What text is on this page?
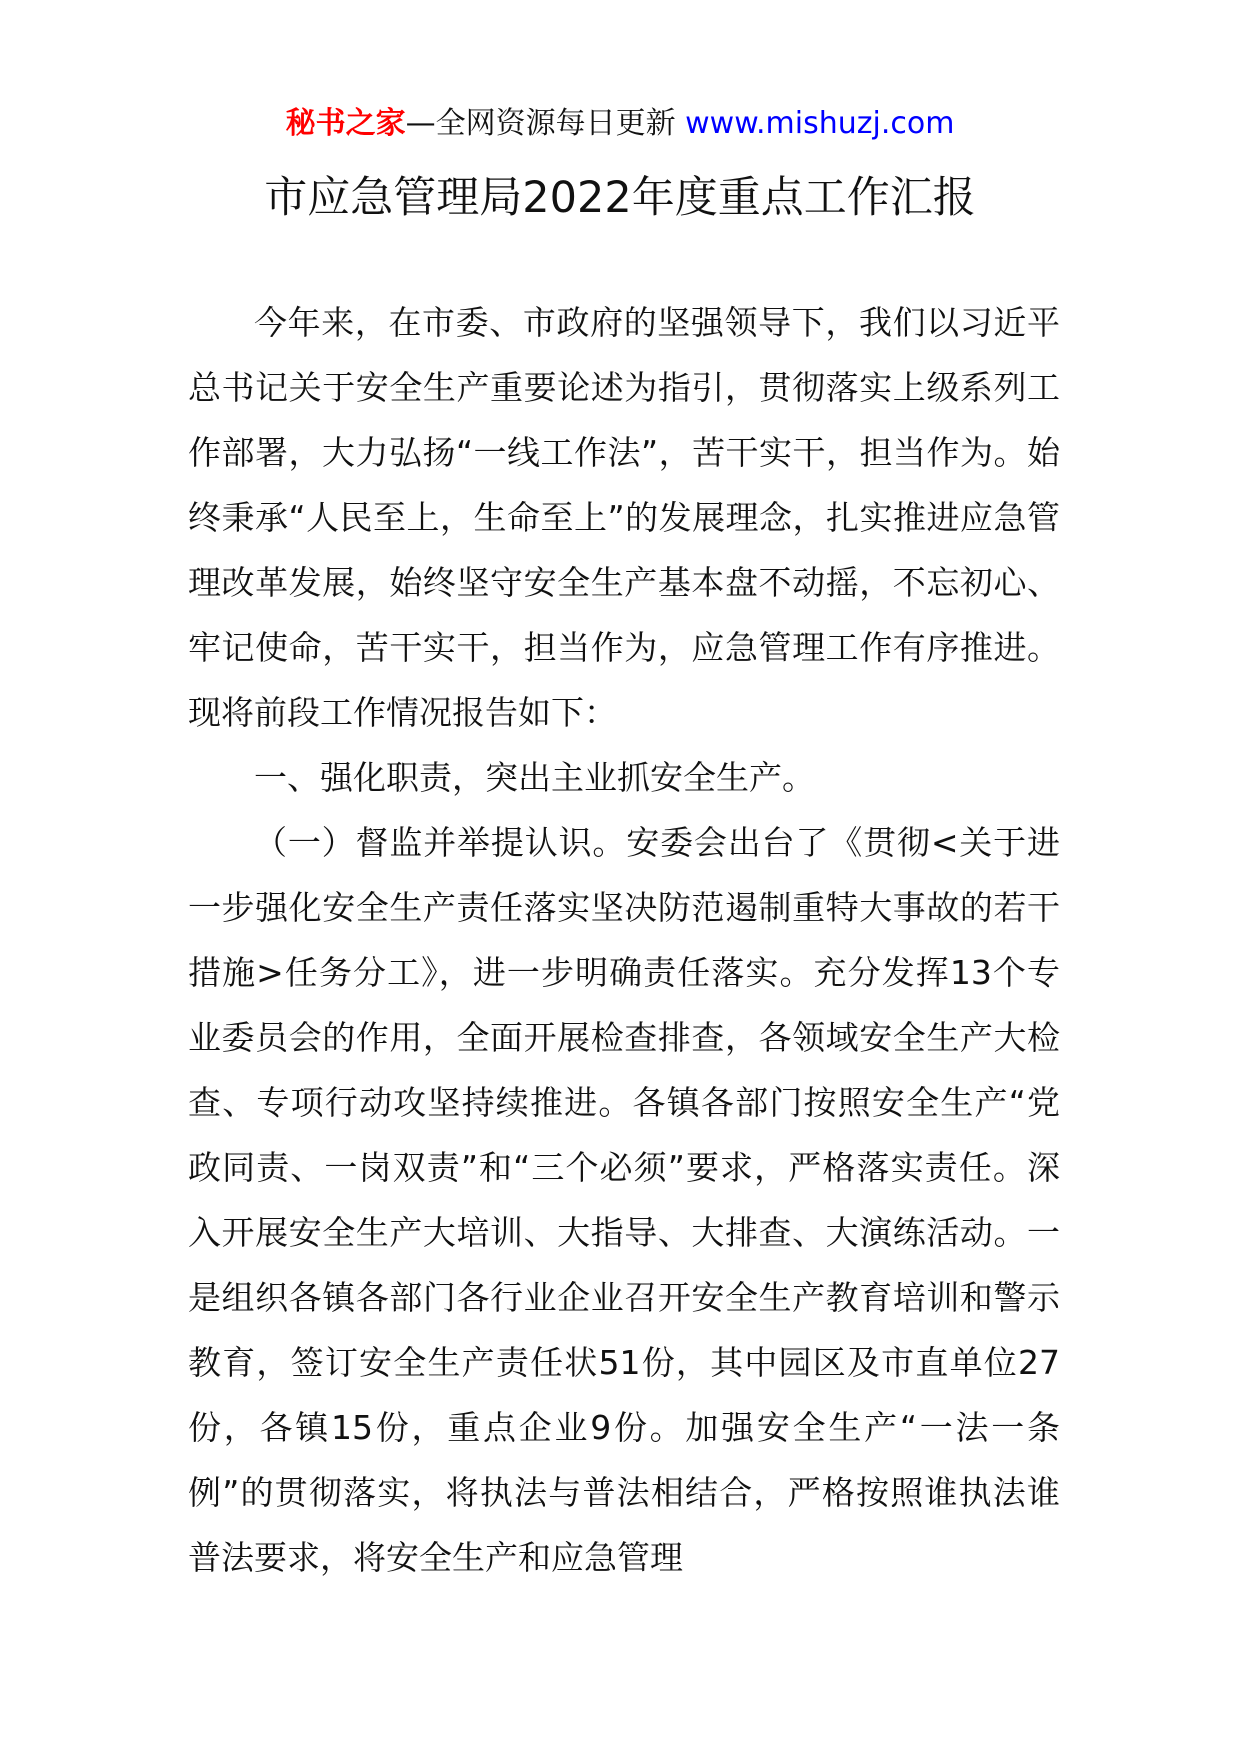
秘书之家—全网资源每日更新 www.mishuzj.com
市应急管理局2022年度重点工作汇报

今年来，在市委、市政府的坚强领导下，我们以习近平总书记关于安全生产重要论述为指引，贯彻落实上级系列工作部署，大力弘扬“一线工作法”，苦干实干，担当作为。始终秉承“人民至上，生命至上”的发展理念，扎实推进应急管理改革发展，始终坚守安全生产基本盘不动摇，不忘初心、牢记使命，苦干实干，担当作为，应急管理工作有序推进。现将前段工作情况报告如下：

一、强化职责，突出主业抓安全生产。

（一）督监并举提认识。安委会出台了《贯彻<关于进一步强化安全生产责任落实坚决防范遏制重特大事故的若干措施>任务分工》，进一步明确责任落实。充分发挥13个专业委员会的作用，全面开展检查排查，各领域安全生产大检查、专项行动攻坚持续推进。各镇各部门按照安全生产“党政同责、一岗双责”和“三个必须”要求，严格落实责任。深入开展安全生产大培训、大指导、大排查、大演练活动。一是组织各镇各部门各行业企业召开安全生产教育培训和警示教育，签订安全生产责任状51份，其中园区及市直单位27份，各镇15份，重点企业9份。加强安全生产“一法一条例”的贯彻落实，将执法与普法相结合，严格按照谁执法谁普法要求，将安全生产和应急管理
